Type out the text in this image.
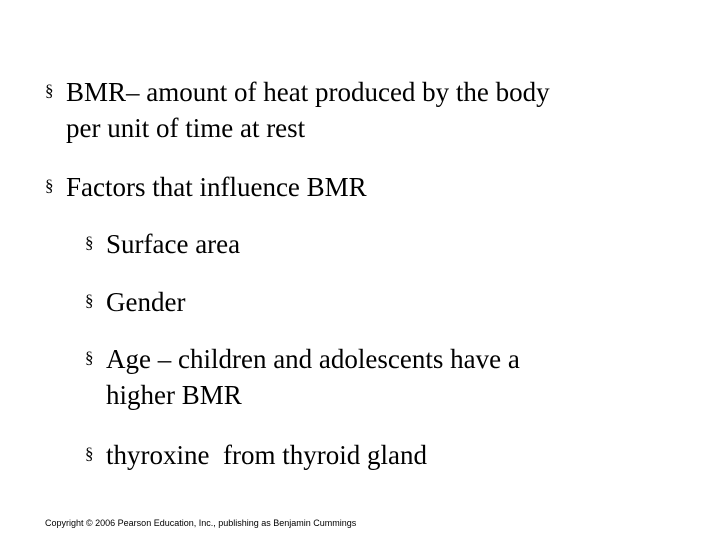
§ BMR– amount of heat produced by the body
per unit of time at rest
§ Factors that influence BMR
§ Surface area
§ Gender
§ Age – children and adolescents have a
higher BMR
§ thyroxine  from thyroid gland
Copyright © 2006 Pearson Education, Inc., publishing as Benjamin Cummings
